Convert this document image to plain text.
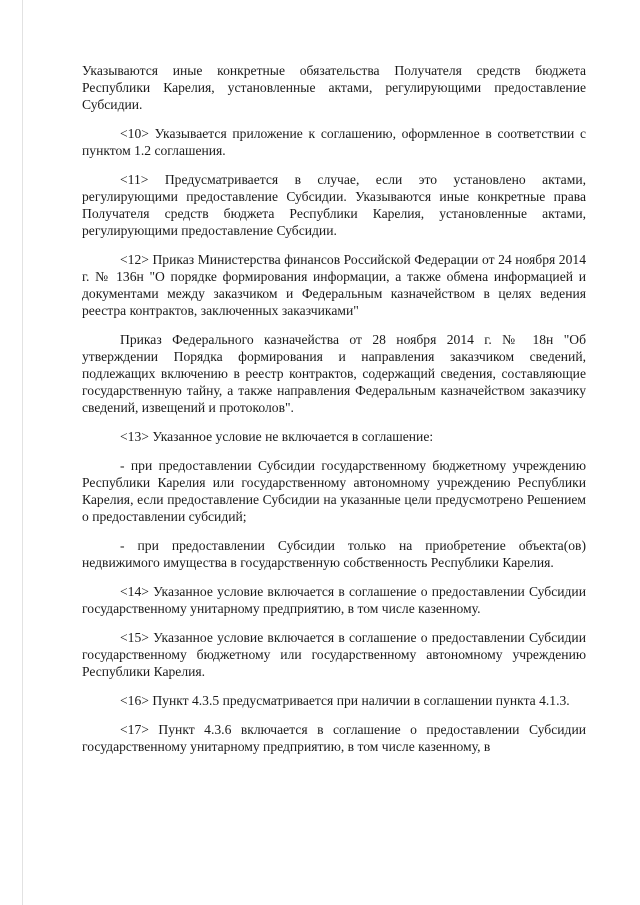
Указываются иные конкретные обязательства Получателя средств бюджета Республики Карелия, установленные актами, регулирующими предоставление Субсидии.

<10> Указывается приложение к соглашению, оформленное в соответствии с пунктом 1.2 соглашения.

<11> Предусматривается в случае, если это установлено актами, регулирующими предоставление Субсидии. Указываются иные конкретные права Получателя средств бюджета Республики Карелия, установленные актами, регулирующими предоставление Субсидии.

<12> Приказ Министерства финансов Российской Федерации от 24 ноября 2014 г. № 136н "О порядке формирования информации, а также обмена информацией и документами между заказчиком и Федеральным казначейством в целях ведения реестра контрактов, заключенных заказчиками"

Приказ Федерального казначейства от 28 ноября 2014 г. № 18н "Об утверждении Порядка формирования и направления заказчиком сведений, подлежащих включению в реестр контрактов, содержащий сведения, составляющие государственную тайну, а также направления Федеральным казначейством заказчику сведений, извещений и протоколов".

<13> Указанное условие не включается в соглашение:

- при предоставлении Субсидии государственному бюджетному учреждению Республики Карелия или государственному автономному учреждению Республики Карелия, если предоставление Субсидии на указанные цели предусмотрено Решением о предоставлении субсидий;

- при предоставлении Субсидии только на приобретение объекта(ов) недвижимого имущества в государственную собственность Республики Карелия.

<14> Указанное условие включается в соглашение о предоставлении Субсидии государственному унитарному предприятию, в том числе казенному.

<15> Указанное условие включается в соглашение о предоставлении Субсидии государственному бюджетному или государственному автономному учреждению Республики Карелия.

<16> Пункт 4.3.5 предусматривается при наличии в соглашении пункта 4.1.3.

<17> Пункт 4.3.6 включается в соглашение о предоставлении Субсидии государственному унитарному предприятию, в том числе казенному, в
